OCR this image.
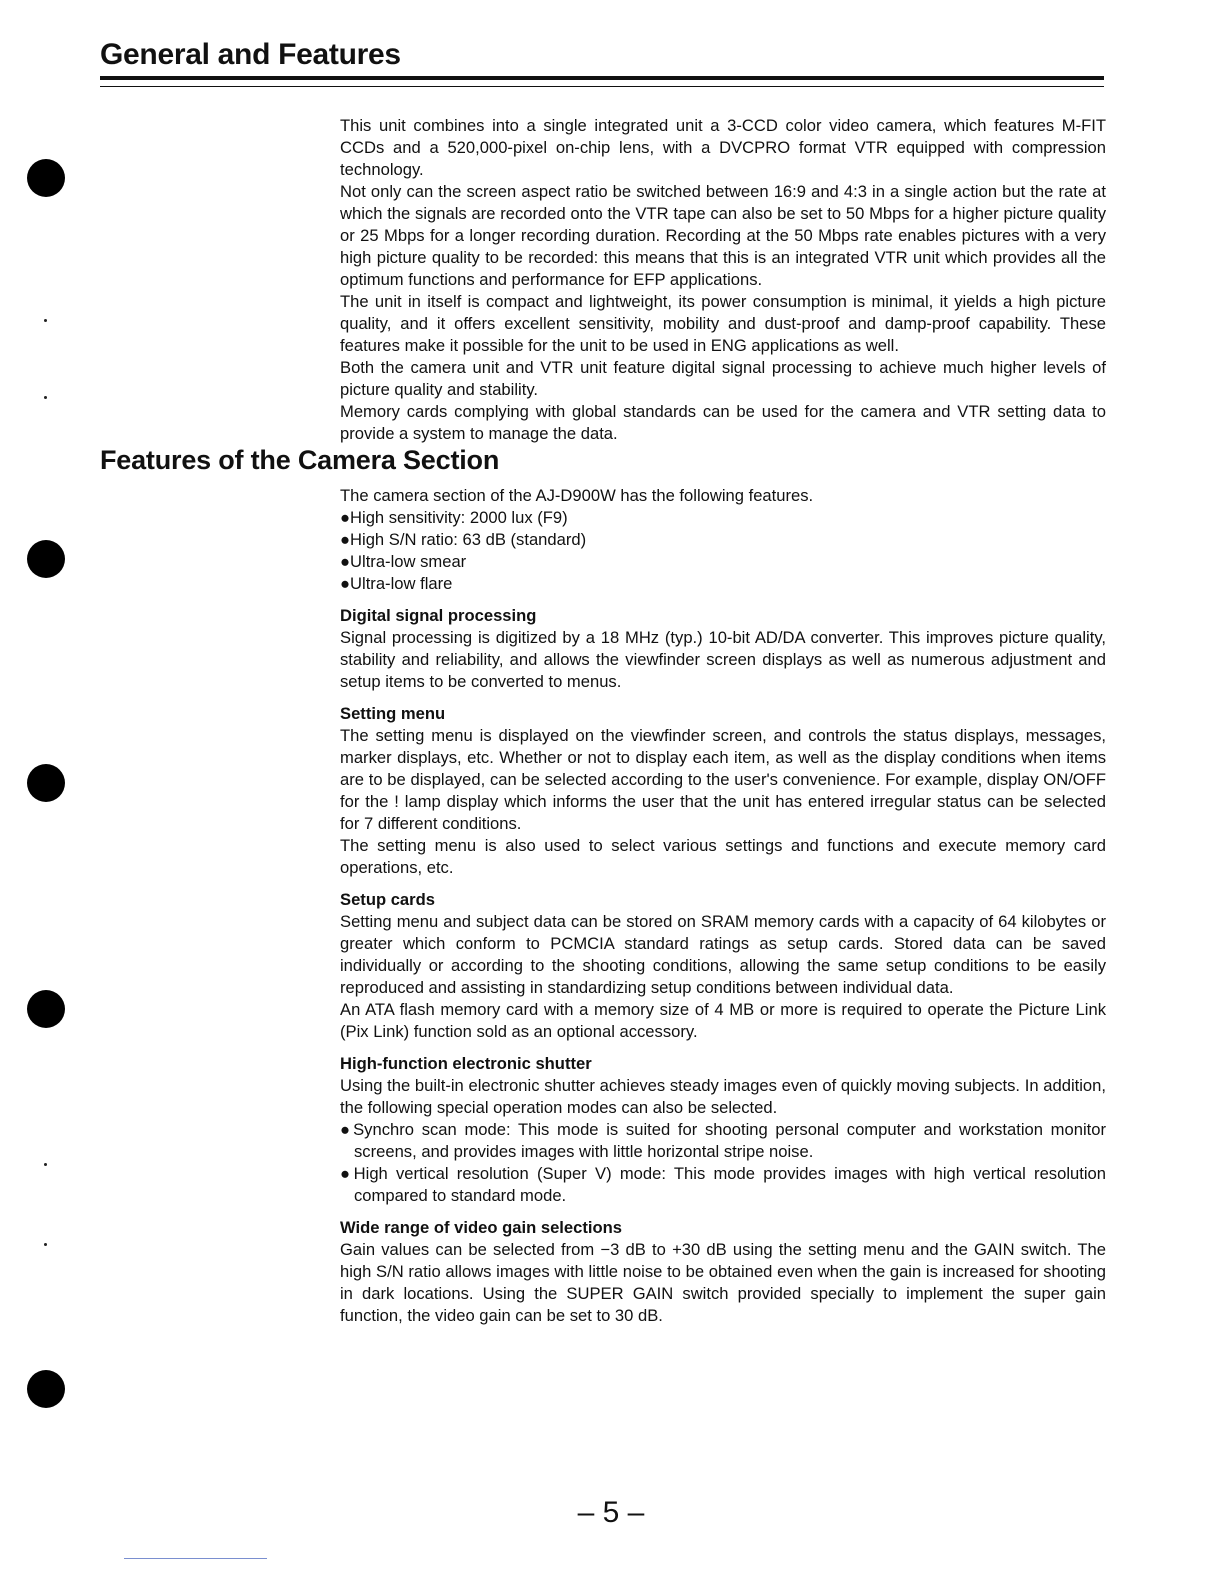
General and Features

This unit combines into a single integrated unit a 3-CCD color video camera, which features M-FIT CCDs and a 520,000-pixel on-chip lens, with a DVCPRO format VTR equipped with compression technology.

Not only can the screen aspect ratio be switched between 16:9 and 4:3 in a single action but the rate at which the signals are recorded onto the VTR tape can also be set to 50 Mbps for a higher picture quality or 25 Mbps for a longer recording duration. Recording at the 50 Mbps rate enables pictures with a very high picture quality to be recorded: this means that this is an integrated VTR unit which provides all the optimum functions and performance for EFP applications.

The unit in itself is compact and lightweight, its power consumption is minimal, it yields a high picture quality, and it offers excellent sensitivity, mobility and dust-proof and damp-proof capability. These features make it possible for the unit to be used in ENG applications as well.

Both the camera unit and VTR unit feature digital signal processing to achieve much higher levels of picture quality and stability.

Memory cards complying with global standards can be used for the camera and VTR setting data to provide a system to manage the data.

Features of the Camera Section

The camera section of the AJ-D900W has the following features.

●High sensitivity: 2000 lux (F9)

●High S/N ratio: 63 dB (standard)

●Ultra-low smear

●Ultra-low flare

Digital signal processing

Signal processing is digitized by a 18 MHz (typ.) 10-bit AD/DA converter. This improves picture quality, stability and reliability, and allows the viewfinder screen displays as well as numerous adjustment and setup items to be converted to menus.

Setting menu

The setting menu is displayed on the viewfinder screen, and controls the status displays, messages, marker displays, etc. Whether or not to display each item, as well as the display conditions when items are to be displayed, can be selected according to the user's convenience. For example, display ON/OFF for the ! lamp display which informs the user that the unit has entered irregular status can be selected for 7 different conditions.

The setting menu is also used to select various settings and functions and execute memory card operations, etc.

Setup cards

Setting menu and subject data can be stored on SRAM memory cards with a capacity of 64 kilobytes or greater which conform to PCMCIA standard ratings as setup cards. Stored data can be saved individually or according to the shooting conditions, allowing the same setup conditions to be easily reproduced and assisting in standardizing setup conditions between individual data.

An ATA flash memory card with a memory size of 4 MB or more is required to operate the Picture Link (Pix Link) function sold as an optional accessory.

High-function electronic shutter

Using the built-in electronic shutter achieves steady images even of quickly moving subjects. In addition, the following special operation modes can also be selected.

●Synchro scan mode: This mode is suited for shooting personal computer and workstation monitor screens, and provides images with little horizontal stripe noise.

●High vertical resolution (Super V) mode: This mode provides images with high vertical resolution compared to standard mode.

Wide range of video gain selections

Gain values can be selected from −3 dB to +30 dB using the setting menu and the GAIN switch. The high S/N ratio allows images with little noise to be obtained even when the gain is increased for shooting in dark locations. Using the SUPER GAIN switch provided specially to implement the super gain function, the video gain can be set to 30 dB.

– 5 –
